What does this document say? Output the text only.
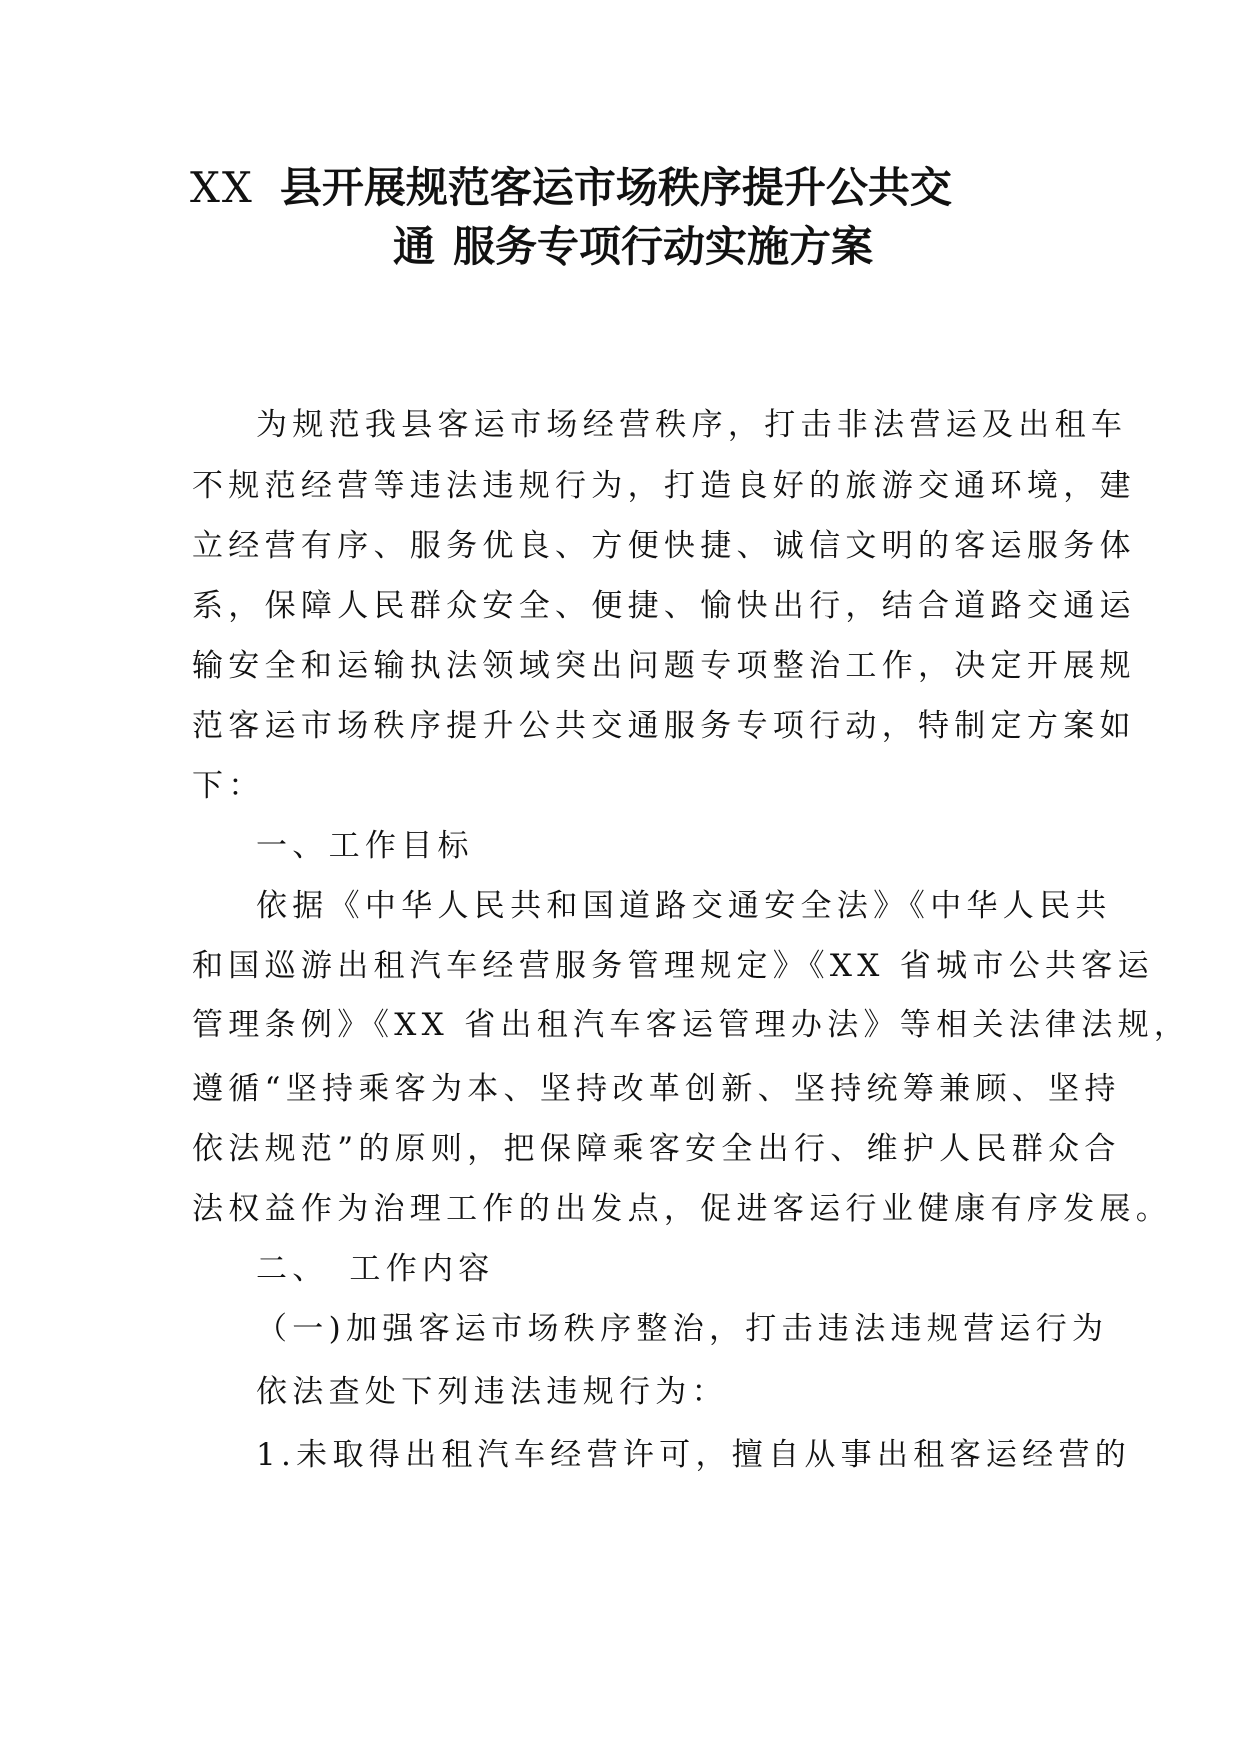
XX 县开展规范客运市场秩序提升公共交
通 服务专项行动实施方案
为规范我县客运市场经营秩序，打击非法营运及出租车
不规范经营等违法违规行为，打造良好的旅游交通环境，建
立经营有序、服务优良、方便快捷、诚信文明的客运服务体
系，保障人民群众安全、便捷、愉快出行，结合道路交通运
输安全和运输执法领域突出问题专项整治工作，决定开展规
范客运市场秩序提升公共交通服务专项行动，特制定方案如
下：
一、工作目标
依据《中华人民共和国道路交通安全法》《中华人民共
和国巡游出租汽车经营服务管理规定》《XX 省城市公共客运
管理条例》《XX 省出租汽车客运管理办法》等相关法律法规，
遵循“坚持乘客为本、坚持改革创新、坚持统筹兼顾、坚持
依法规范”的原则，把保障乘客安全出行、维护人民群众合
法权益作为治理工作的出发点，促进客运行业健康有序发展。
二、　工作内容
（一)加强客运市场秩序整治，打击违法违规营运行为
依法查处下列违法违规行为：
1.未取得出租汽车经营许可，擅自从事出租客运经营的
